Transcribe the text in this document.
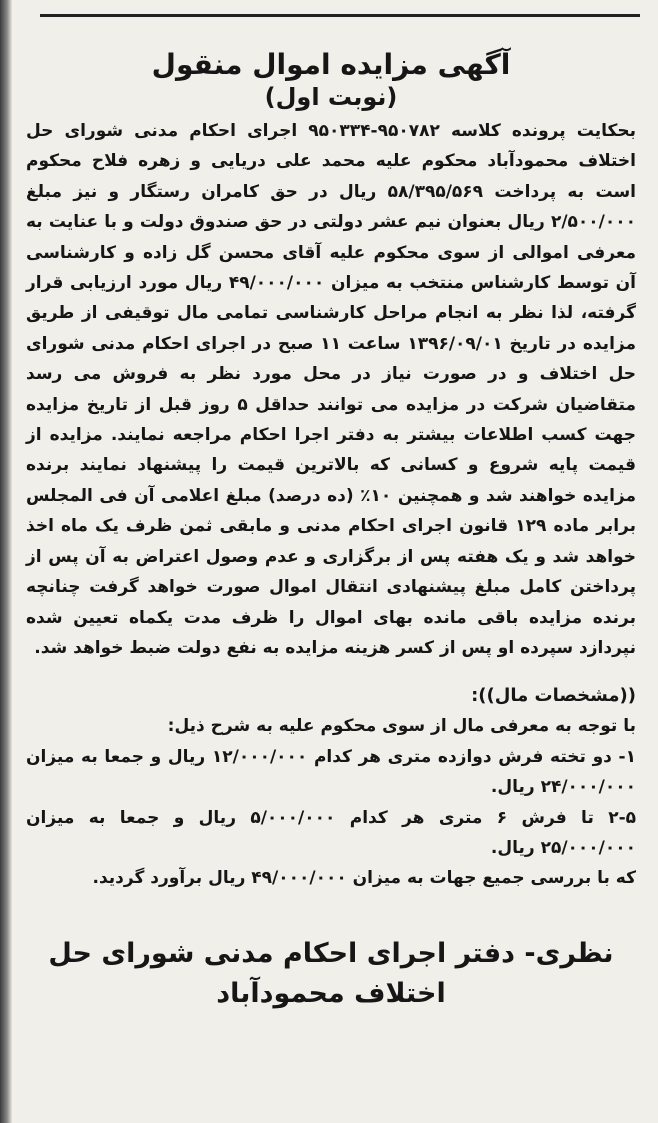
آگهی مزایده اموال منقول
(نوبت اول)

بحکایت پرونده کلاسه ۹۵۰۷۸۲-۹۵۰۳۳۴ اجرای احکام مدنی شورای حل اختلاف محمودآباد محکوم علیه محمد علی دریایی و زهره فلاح محکوم است به پرداخت ۵۸/۳۹۵/۵۶۹ ریال در حق کامران رستگار و نیز مبلغ ۲/۵۰۰/۰۰۰ ریال بعنوان نیم عشر دولتی در حق صندوق دولت و با عنایت به معرفی اموالی از سوی محکوم علیه آقای محسن گل زاده و کارشناسی آن توسط کارشناس منتخب به میزان ۴۹/۰۰۰/۰۰۰ ریال مورد ارزیابی قرار گرفته، لذا نظر به انجام مراحل کارشناسی تمامی مال توقیفی از طریق مزایده در تاریخ ۱۳۹۶/۰۹/۰۱ ساعت ۱۱ صبح در اجرای احکام مدنی شورای حل اختلاف و در صورت نیاز در محل مورد نظر به فروش می رسد متقاضیان شرکت در مزایده می توانند حداقل ۵ روز قبل از تاریخ مزایده جهت کسب اطلاعات بیشتر به دفتر اجرا احکام مراجعه نمایند. مزایده از قیمت پایه شروع و کسانی که بالاترین قیمت را پیشنهاد نمایند برنده مزایده خواهند شد و همچنین ۱۰٪ (ده درصد) مبلغ اعلامی آن فی المجلس برابر ماده ۱۲۹ قانون اجرای احکام مدنی و مابقی ثمن ظرف یک ماه اخذ خواهد شد و یک هفته پس از برگزاری و عدم وصول اعتراض به آن پس از پرداختن کامل مبلغ پیشنهادی انتقال اموال صورت خواهد گرفت چنانچه برنده مزایده باقی مانده بهای اموال را ظرف مدت یکماه تعیین شده نپردازد سپرده او پس از کسر هزینه مزایده به نفع دولت ضبط خواهد شد.

((مشخصات مال)):

با توجه به معرفی مال از سوی محکوم علیه به شرح ذیل:

۱- دو تخته فرش دوازده متری هر کدام ۱۲/۰۰۰/۰۰۰ ریال و جمعا به میزان ۲۴/۰۰۰/۰۰۰ ریال.

۲-۵ تا فرش ۶ متری هر کدام ۵/۰۰۰/۰۰۰ ریال و جمعا به میزان ۲۵/۰۰۰/۰۰۰ ریال.

که با بررسی جمیع جهات به میزان ۴۹/۰۰۰/۰۰۰ ریال برآورد گردید.

نظری- دفتر اجرای احکام مدنی شورای حل اختلاف محمودآباد
